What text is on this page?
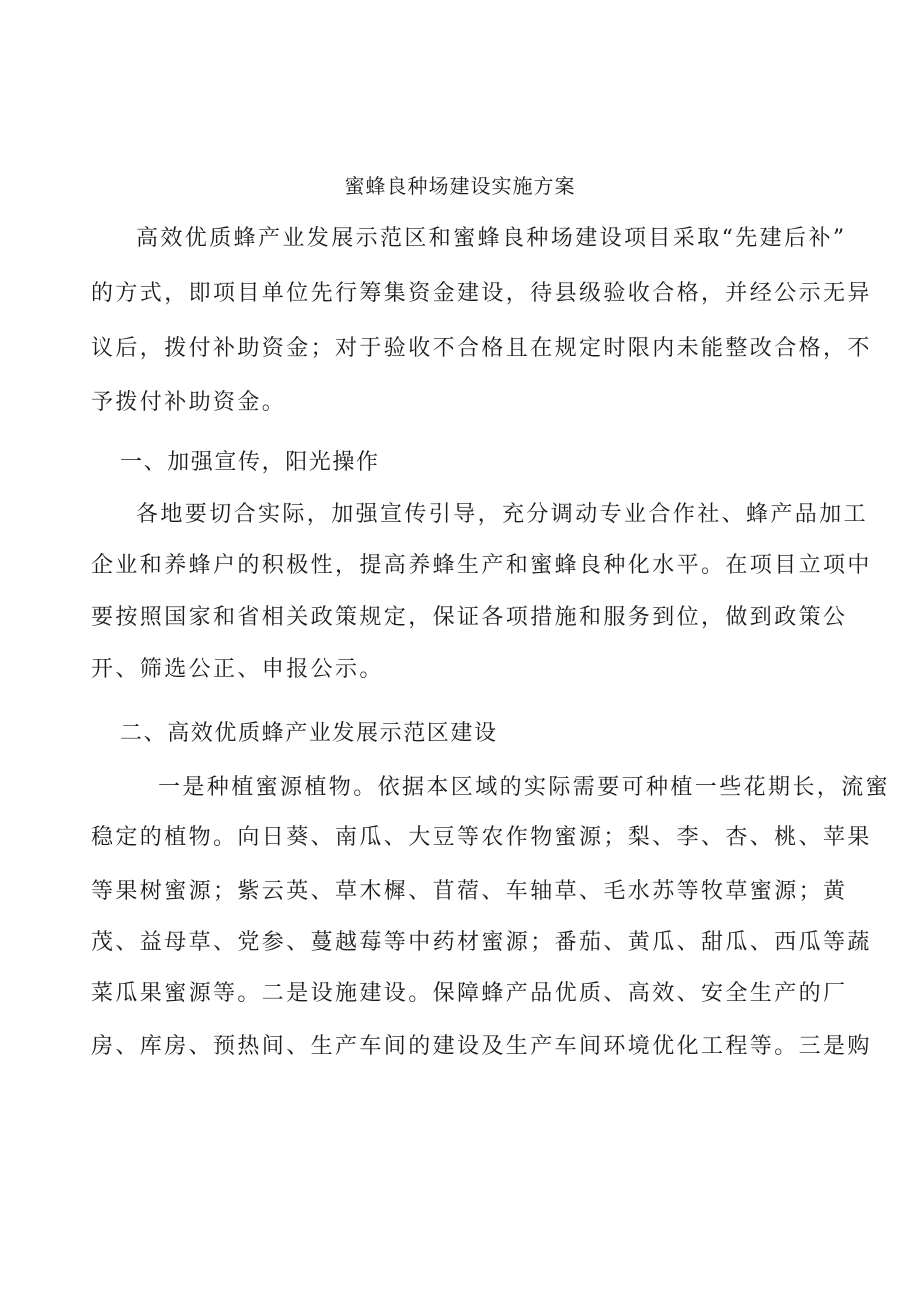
蜜蜂良种场建设实施方案
高效优质蜂产业发展示范区和蜜蜂良种场建设项目采取“先建后补”
的方式，即项目单位先行筹集资金建设，待县级验收合格，并经公示无异
议后，拨付补助资金；对于验收不合格且在规定时限内未能整改合格，不
予拨付补助资金。
一、加强宣传，阳光操作
各地要切合实际，加强宣传引导，充分调动专业合作社、蜂产品加工
企业和养蜂户的积极性，提高养蜂生产和蜜蜂良种化水平。在项目立项中
要按照国家和省相关政策规定，保证各项措施和服务到位，做到政策公
开、筛选公正、申报公示。
二、高效优质蜂产业发展示范区建设
一是种植蜜源植物。依据本区域的实际需要可种植一些花期长，流蜜
稳定的植物。向日葵、南瓜、大豆等农作物蜜源；梨、李、杏、桃、苹果
等果树蜜源；紫云英、草木樨、苜蓿、车轴草、毛水苏等牧草蜜源；黄
茂、益母草、党参、蔓越莓等中药材蜜源；番茄、黄瓜、甜瓜、西瓜等蔬
菜瓜果蜜源等。二是设施建设。保障蜂产品优质、高效、安全生产的厂
房、库房、预热间、生产车间的建设及生产车间环境优化工程等。三是购
